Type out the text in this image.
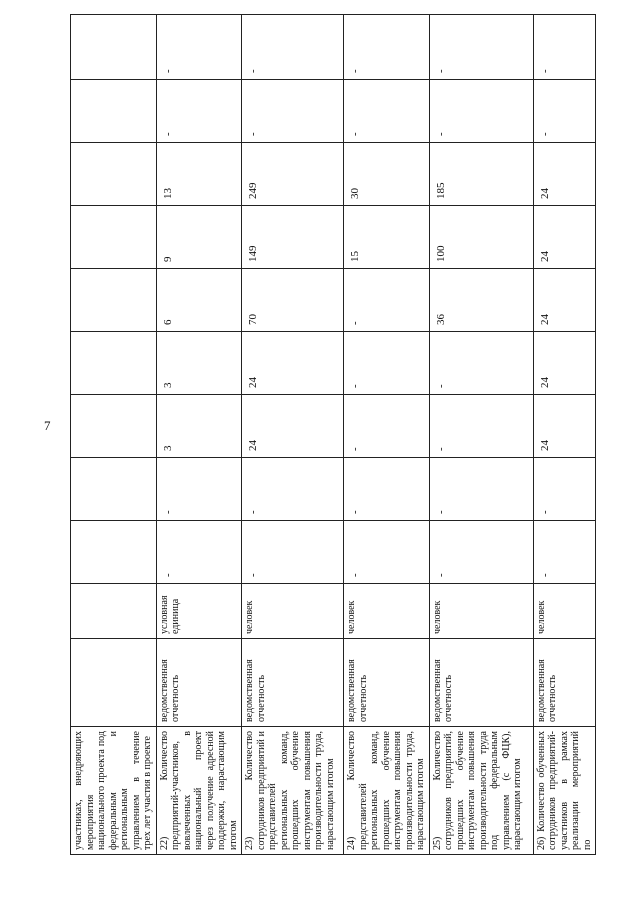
7
участниках, внедряющих мероприятия национального проекта под федеральным и региональным управлением в течение трех лет участия в проекте											
22) Количество предприятий-участников, вовлеченных в национальный проект через получение адресной поддержки, нарастающим итогом	ведомственная отчетность	условная единица	-	-	3	3	6	9	13	-	-
23) Количество сотрудников предприятий и представителей региональных команд, прошедших обучение инструментам повышения производительности труда, нарастающим итогом	ведомственная отчетность	человек	-	-	24	24	70	149	249	-	-
24) Количество представителей региональных команд, прошедших обучение инструментам повышения производительности труда, нарастающим итогом	ведомственная отчетность	человек	-	-	-	-	-	15	30	-	-
25) Количество сотрудников предприятий, прошедших обучение инструментам повышения производительности труда под федеральным управлением (с ФЦК), нарастающим итогом	ведомственная отчетность	человек	-	-	-	-	36	100	185	-	-
26) Количество обученных сотрудников предприятий-участников в рамках реализации мероприятий по	ведомственная отчетность	человек	-	-	24	24	24	24	24	-	-
